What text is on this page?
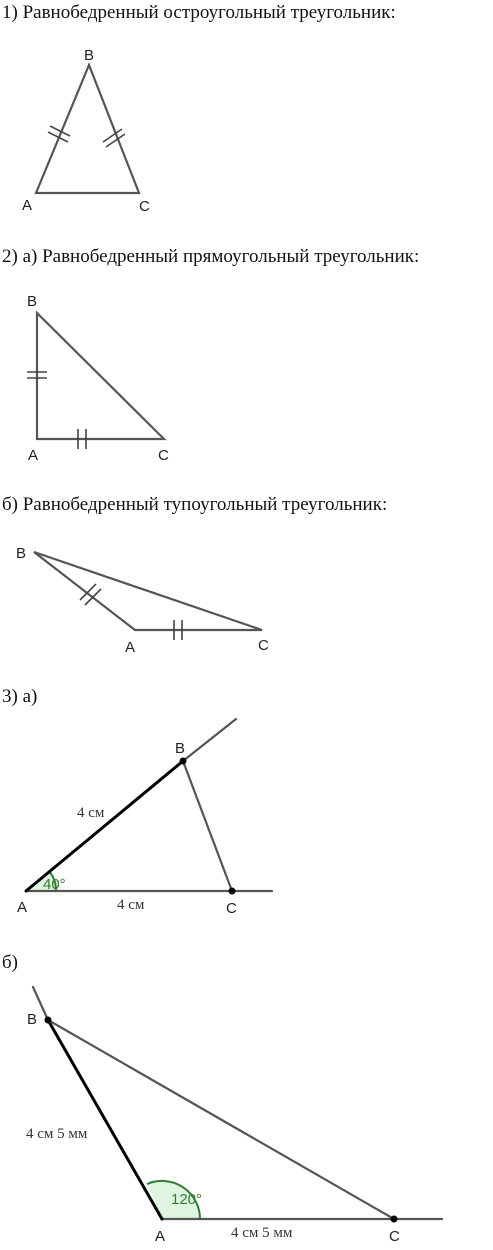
1) Равнобедренный остроугольный треугольник:
B
A	C
2) а) Равнобедренный прямоугольный треугольник:
B
A	C
б) Равнобедренный тупоугольный треугольник:
B
A	C
3) а)
B
A	C
4 см
4 см
40°
б)
B
A	C
4 см 5 мм
4 см 5 мм
120°
